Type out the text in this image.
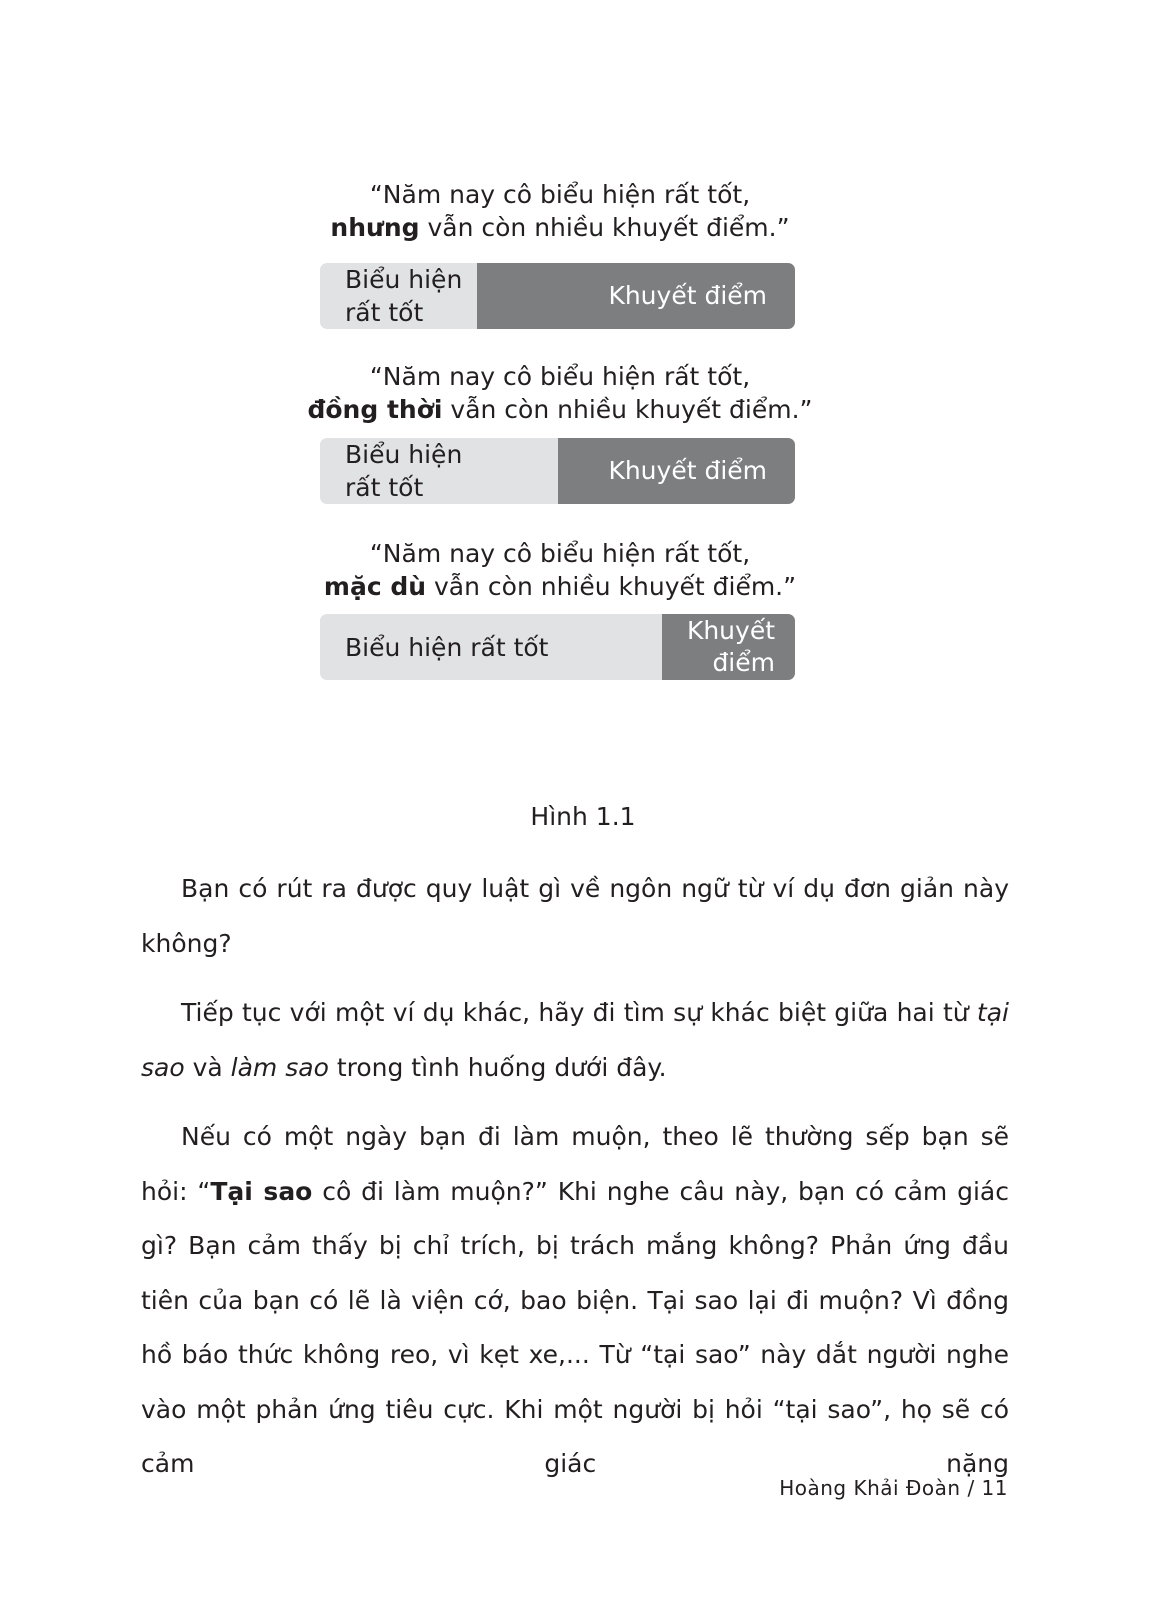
“Năm nay cô biểu hiện rất tốt,
nhưng vẫn còn nhiều khuyết điểm.”
Biểu hiện rất tốt
Khuyết điểm
“Năm nay cô biểu hiện rất tốt,
đồng thời vẫn còn nhiều khuyết điểm.”
Biểu hiện rất tốt
Khuyết điểm
“Năm nay cô biểu hiện rất tốt,
mặc dù vẫn còn nhiều khuyết điểm.”
Biểu hiện rất tốt
Khuyết điểm
Hình 1.1

Bạn có rút ra được quy luật gì về ngôn ngữ từ ví dụ đơn giản này không?

Tiếp tục với một ví dụ khác, hãy đi tìm sự khác biệt giữa hai từ tại sao và làm sao trong tình huống dưới đây.

Nếu có một ngày bạn đi làm muộn, theo lẽ thường sếp bạn sẽ hỏi: “Tại sao cô đi làm muộn?” Khi nghe câu này, bạn có cảm giác gì? Bạn cảm thấy bị chỉ trích, bị trách mắng không? Phản ứng đầu tiên của bạn có lẽ là viện cớ, bao biện. Tại sao lại đi muộn? Vì đồng hồ báo thức không reo, vì kẹt xe,... Từ “tại sao” này dắt người nghe vào một phản ứng tiêu cực. Khi một người bị hỏi “tại sao”, họ sẽ có cảm giác nặng

Hoàng Khải Đoàn / 11
